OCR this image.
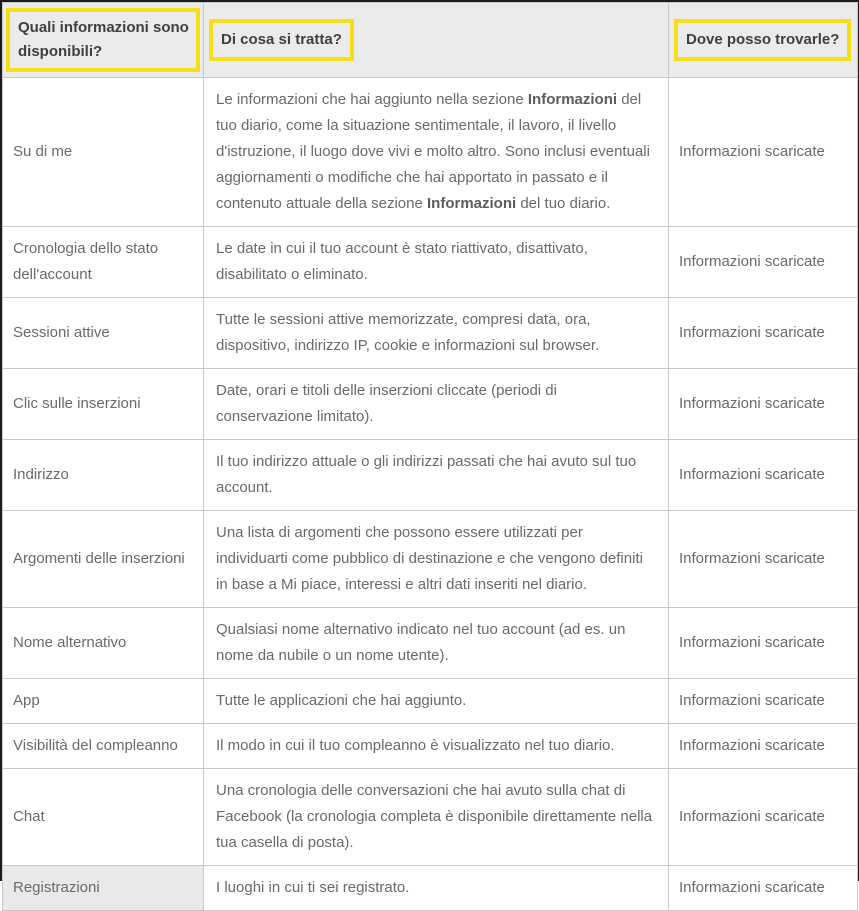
Quali informazioni sono disponibili?	Di cosa si tratta?	Dove posso trovarle?
Su di me	Le informazioni che hai aggiunto nella sezione Informazioni del tuo diario, come la situazione sentimentale, il lavoro, il livello d'istruzione, il luogo dove vivi e molto altro. Sono inclusi eventuali aggiornamenti o modifiche che hai apportato in passato e il contenuto attuale della sezione Informazioni del tuo diario.	Informazioni scaricate
Cronologia dello stato dell'account	Le date in cui il tuo account è stato riattivato, disattivato, disabilitato o eliminato.	Informazioni scaricate
Sessioni attive	Tutte le sessioni attive memorizzate, compresi data, ora, dispositivo, indirizzo IP, cookie e informazioni sul browser.	Informazioni scaricate
Clic sulle inserzioni	Date, orari e titoli delle inserzioni cliccate (periodi di conservazione limitato).	Informazioni scaricate
Indirizzo	Il tuo indirizzo attuale o gli indirizzi passati che hai avuto sul tuo account.	Informazioni scaricate
Argomenti delle inserzioni	Una lista di argomenti che possono essere utilizzati per individuarti come pubblico di destinazione e che vengono definiti in base a Mi piace, interessi e altri dati inseriti nel diario.	Informazioni scaricate
Nome alternativo	Qualsiasi nome alternativo indicato nel tuo account (ad es. un nome da nubile o un nome utente).	Informazioni scaricate
App	Tutte le applicazioni che hai aggiunto.	Informazioni scaricate
Visibilità del compleanno	Il modo in cui il tuo compleanno è visualizzato nel tuo diario.	Informazioni scaricate
Chat	Una cronologia delle conversazioni che hai avuto sulla chat di Facebook (la cronologia completa è disponibile direttamente nella tua casella di posta).	Informazioni scaricate
Registrazioni	I luoghi in cui ti sei registrato.	Informazioni scaricate
